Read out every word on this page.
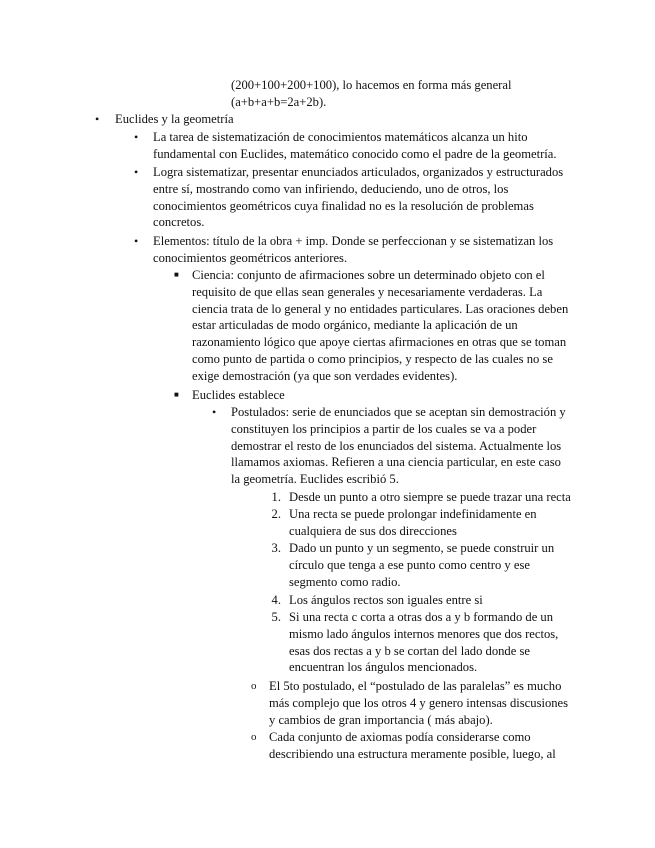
(200+100+200+100), lo hacemos en forma más general

(a+b+a+b=2a+2b).

• Euclides y la geometría

• La tarea de sistematización de conocimientos matemáticos alcanza un hito

fundamental con Euclides, matemático conocido como el padre de la geometría.

• Logra sistematizar, presentar enunciados articulados, organizados y estructurados

entre sí, mostrando como van infiriendo, deduciendo, uno de otros, los

conocimientos geométricos cuya finalidad no es la resolución de problemas

concretos.

• Elementos: título de la obra + imp. Donde se perfeccionan y se sistematizan los

conocimientos geométricos anteriores.

■ Ciencia: conjunto de afirmaciones sobre un determinado objeto con el

requisito de que ellas sean generales y necesariamente verdaderas. La

ciencia trata de lo general y no entidades particulares. Las oraciones deben

estar articuladas de modo orgánico, mediante la aplicación de un

razonamiento lógico que apoye ciertas afirmaciones en otras que se toman

como punto de partida o como principios, y respecto de las cuales no se

exige demostración (ya que son verdades evidentes).

■ Euclides establece

• Postulados: serie de enunciados que se aceptan sin demostración y

constituyen los principios a partir de los cuales se va a poder

demostrar el resto de los enunciados del sistema. Actualmente los

llamamos axiomas. Refieren a una ciencia particular, en este caso

la geometría. Euclides escribió 5.

1. Desde un punto a otro siempre se puede trazar una recta

2. Una recta se puede prolongar indefinidamente en

cualquiera de sus dos direcciones

3. Dado un punto y un segmento, se puede construir un

círculo que tenga a ese punto como centro y ese

segmento como radio.

4. Los ángulos rectos son iguales entre si

5. Si una recta c corta a otras dos a y b formando de un

mismo lado ángulos internos menores que dos rectos,

esas dos rectas a y b se cortan del lado donde se

encuentran los ángulos mencionados.

o El 5to postulado, el “postulado de las paralelas” es mucho

más complejo que los otros 4 y genero intensas discusiones

y cambios de gran importancia ( más abajo).

o Cada conjunto de axiomas podía considerarse como

describiendo una estructura meramente posible, luego, al
